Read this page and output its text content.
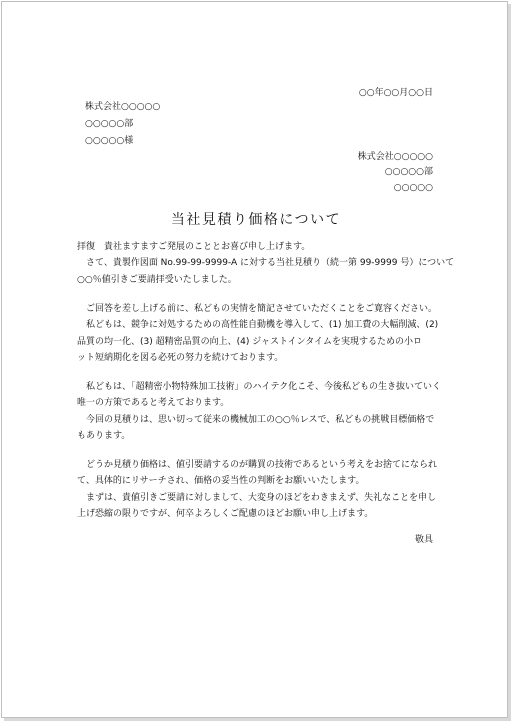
○○年○○月○○日
株式会社○○○○○
○○○○○部
○○○○○様
株式会社○○○○○
○○○○○部
○○○○○
当社見積り価格について
拝復　貴社ますますご発展のこととお喜び申し上げます。
　さて、貴製作図面 No.99-99-9999-A に対する当社見積り（続一第 99-9999 号）について
○○％値引きご要請拝受いたしました。
　ご回答を差し上げる前に、私どもの実情を簡記させていただくことをご寛容ください。
　私どもは、競争に対処するための高性能自動機を導入して、(1) 加工費の大幅削減、(2)
品質の均一化、(3) 超精密品質の向上、(4) ジャストインタイムを実現するための小ロ
ット短納期化を図る必死の努力を続けております。
　私どもは、「超精密小物特殊加工技術」のハイテク化こそ、今後私どもの生き抜いていく
唯一の方策であると考えております。
　今回の見積りは、思い切って従来の機械加工の○○％レスで、私どもの挑戦目標価格で
もあります。
　どうか見積り価格は、値引要請するのが購買の技術であるという考えをお捨てになられ
て、具体的にリサーチされ、価格の妥当性の判断をお願いいたします。
　まずは、貴値引きご要請に対しまして、大変身のほどをわきまえず、失礼なことを申し
上げ恐縮の限りですが、何卒よろしくご配慮のほどお願い申し上げます。
敬具
